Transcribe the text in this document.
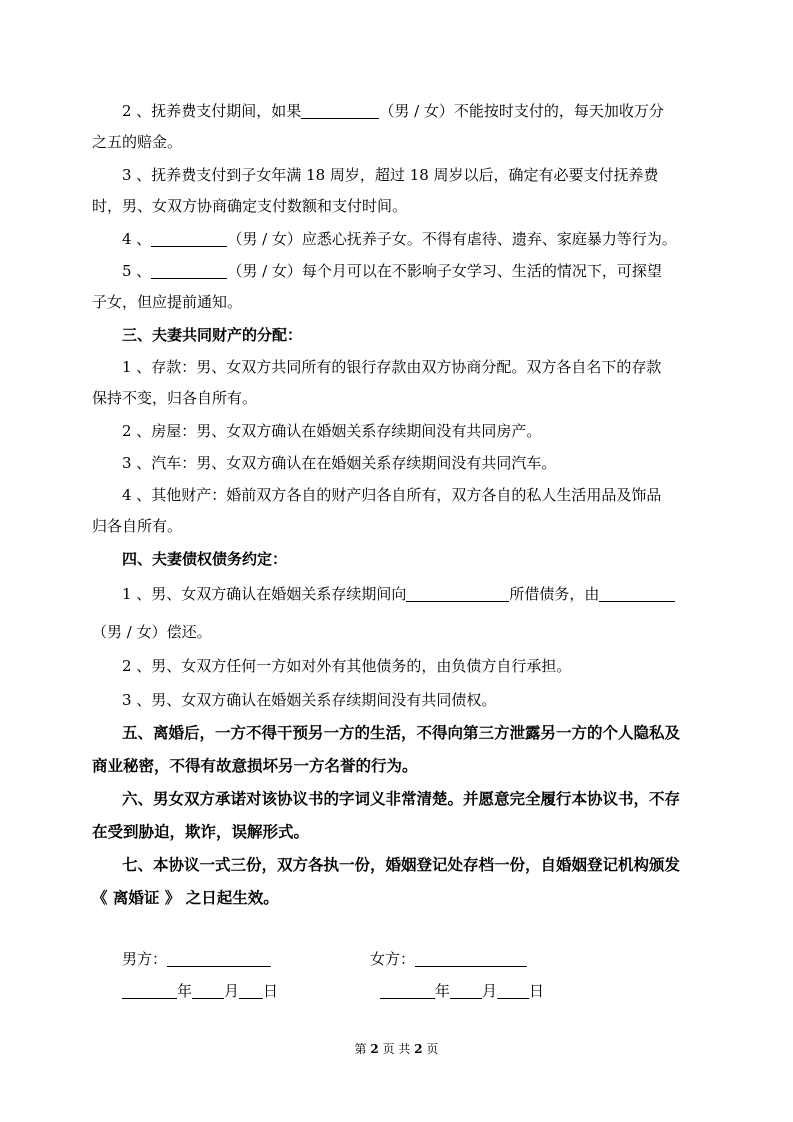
2 、抚养费支付期间，如果	（男 / 女）不能按时支付的，每天加收万分
之五的赔金。
3 、抚养费支付到子女年满 18 周岁，超过 18 周岁以后，确定有必要支付抚养费
时，男、女双方协商确定支付数额和支付时间。
4 、	（男 / 女）应悉心抚养子女。不得有虐待、遗弃、家庭暴力等行为。
5 、	（男 / 女）每个月可以在不影响子女学习、生活的情况下，可探望
子女，但应提前通知。
三、夫妻共同财产的分配：
1 、存款：男、女双方共同所有的银行存款由双方协商分配。双方各自名下的存款
保持不变，归各自所有。
2 、房屋：男、女双方确认在婚姻关系存续期间没有共同房产。
3 、汽车：男、女双方确认在在婚姻关系存续期间没有共同汽车。
4 、其他财产：婚前双方各自的财产归各自所有，双方各自的私人生活用品及饰品
归各自所有。
四、夫妻债权债务约定：
1 、男、女双方确认在婚姻关系存续期间向	所借债务，由
（男 / 女）偿还。
2 、男、女双方任何一方如对外有其他债务的，由负债方自行承担。
3 、男、女双方确认在婚姻关系存续期间没有共同债权。
五、离婚后，一方不得干预另一方的生活，不得向第三方泄露另一方的个人隐私及
商业秘密，不得有故意损坏另一方名誉的行为。
六、男女双方承诺对该协议书的字词义非常清楚。并愿意完全履行本协议书，不存
在受到胁迫，欺诈，误解形式。
七、本协议一式三份，双方各执一份，婚姻登记处存档一份，自婚姻登记机构颁发
《 离婚证 》 之日起生效。
男方：	女方：
年 月 日	年 月 日
第 2 页 共 2 页
